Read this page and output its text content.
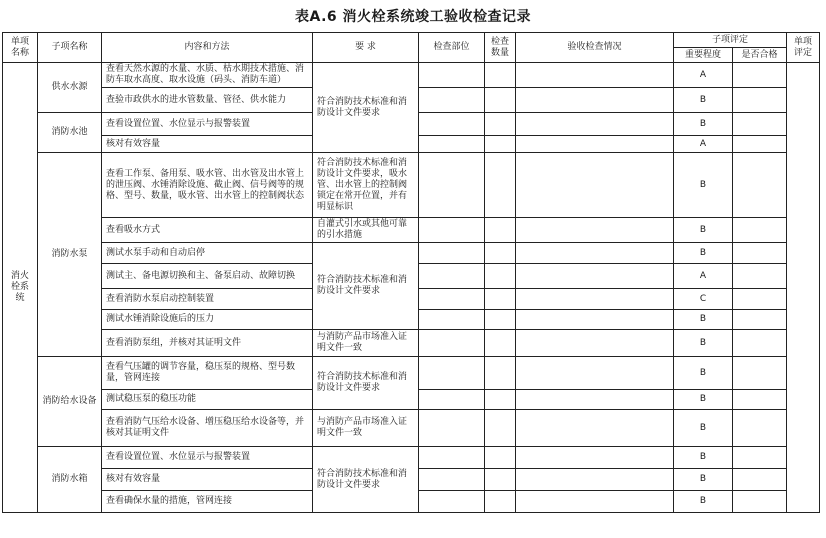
表A.6 消火栓系统竣工验收检查记录
单项名称	子项名称	内容和方法	要 求	检查部位	检查数量	验收检查情况	子项评定		单项评定
							重要程度	是否合格	

消火栓系统	供水水源	查看天然水源的水量、水质、枯水期技术措施、消防车取水高度、取水设施（码头、消防车道）	符合消防技术标准和消防设计文件要求				A		
		查验市政供水的进水管数量、管径、供水能力					B		
	消防水池	查看设置位置、水位显示与报警装置					B		
		核对有效容量					A		
	消防水泵	查看工作泵、备用泵、吸水管、出水管及出水管上的泄压阀、水锤消除设施、截止阀、信号阀等的规格、型号、数量，吸水管、出水管上的控制阀状态	符合消防技术标准和消防设计文件要求，吸水管、出水管上的控制阀锁定在常开位置，并有明显标识				B		
		查看吸水方式	自灌式引水或其他可靠的引水措施				B		
		测试水泵手动和自动启停	符合消防技术标准和消防设计文件要求				B		
		测试主、备电源切换和主、备泵启动、故障切换					A		
		查看消防水泵启动控制装置					C		
		测试水锤消除设施后的压力					B		
		查看消防泵组，并核对其证明文件	与消防产品市场准入证明文件一致				B		
	消防给水设备	查看气压罐的调节容量，稳压泵的规格、型号数量，管网连接	符合消防技术标准和消防设计文件要求				B		
		测试稳压泵的稳压功能					B		
		查看消防气压给水设备、增压稳压给水设备等，并核对其证明文件	与消防产品市场准入证明文件一致				B		
	消防水箱	查看设置位置、水位显示与报警装置	符合消防技术标准和消防设计文件要求				B		
		核对有效容量					B		
		查看确保水量的措施，管网连接					B		
